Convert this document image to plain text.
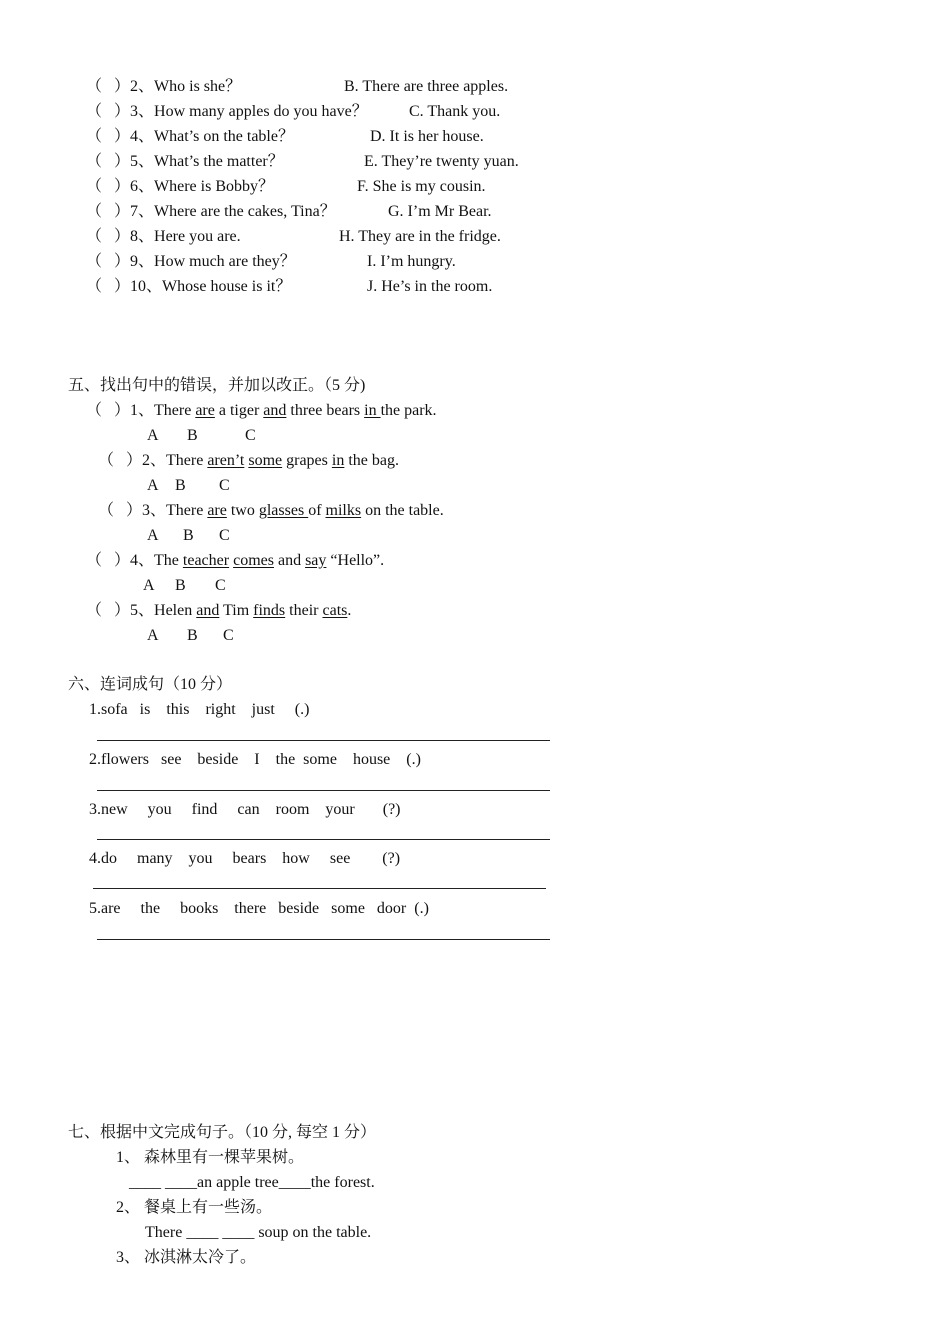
（   ）2、Who is she？	B. There are three apples.
（   ）3、How many apples do you have？	C. Thank you.
（   ）4、What’s on the table？	D. It is her house.
（   ）5、What’s the matter？	E. They’re twenty yuan.
（   ）6、Where is Bobby？	F. She is my cousin.
（   ）7、Where are the cakes, Tina？	G. I’m Mr Bear.
（   ）8、Here you are.	H. They are in the fridge.
（   ）9、How much are they？	I. I’m hungry.
（   ）10、Whose house is it？	J. He’s in the room.
五、找出句中的错误，并加以改正。（5 分)
（   ）1、There are a tiger and three bears in the park.
A B	C
（   ）2、There aren’t some grapes in the bag.
A B C
（   ）3、There are two glasses of milks on the table.
A B C
（   ）4、The teacher comes and say “Hello”.
A B C
（   ）5、Helen and Tim finds their cats.
A B C
六、连词成句（10 分）
1.sofa   is    this    right    just     (.)
2.flowers   see    beside    I    the  some    house    (.)
3.new     you     find     can    room    your       (?)
4.do     many    you     bears    how     see        (?)
5.are     the     books    there   beside   some   door  (.)
七、根据中文完成句子。（10 分, 每空 1 分）
1、 森林里有一棵苹果树。
____ ____an apple tree____the forest.
2、 餐桌上有一些汤。
There ____ ____ soup on the table.
3、 冰淇淋太冷了。
